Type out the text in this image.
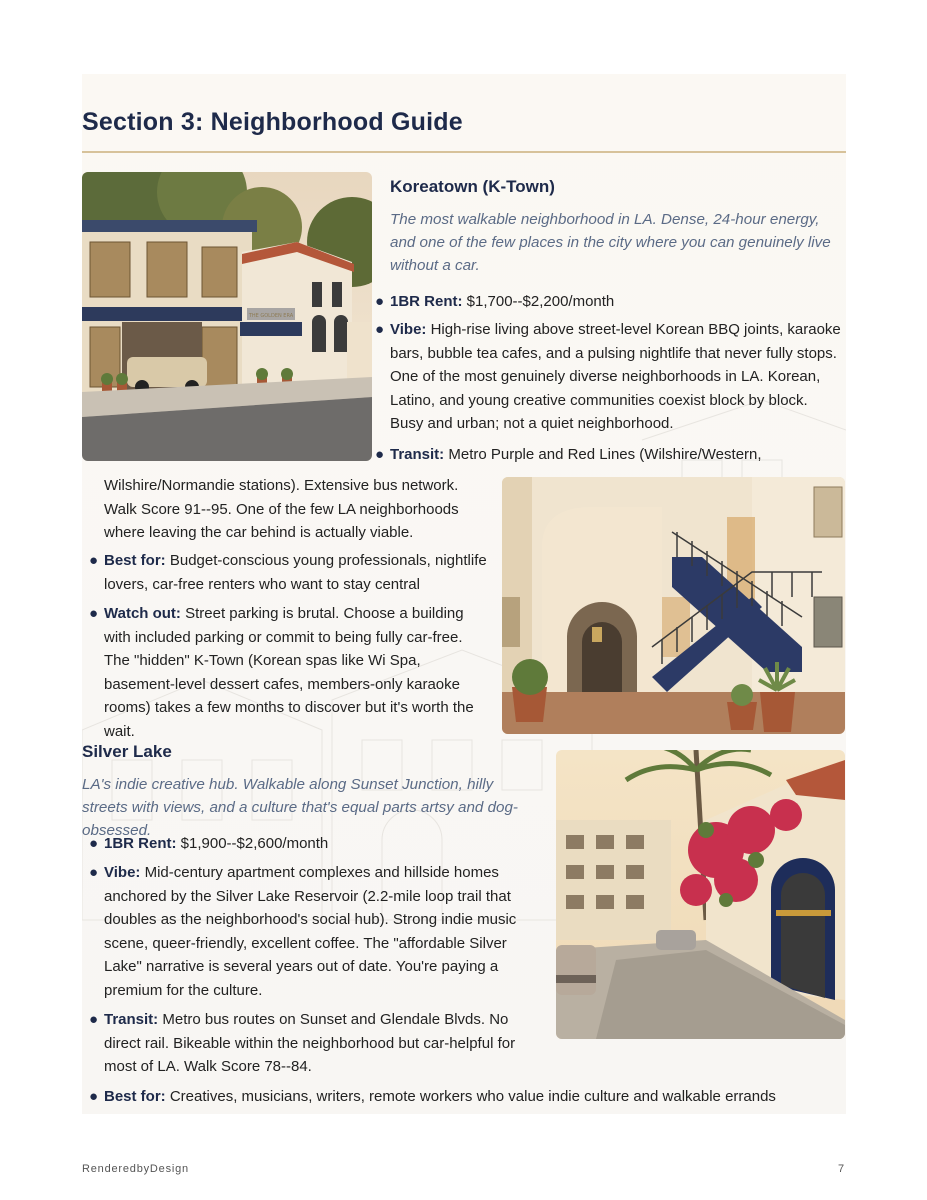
Section 3: Neighborhood Guide
THE GOLDEN ERA
Koreatown (K-Town)

The most walkable neighborhood in LA. Dense, 24-hour energy, and one of the few places in the city where you can genuinely live without a car.

● 1BR Rent: $1,700--$2,200/month
● Vibe: High-rise living above street-level Korean BBQ joints, karaoke bars, bubble tea cafes, and a pulsing nightlife that never fully stops. One of the most genuinely diverse neighborhoods in LA. Korean, Latino, and young creative communities coexist block by block. Busy and urban; not a quiet neighborhood.
● Transit: Metro Purple and Red Lines (Wilshire/Western,

Wilshire/Normandie stations). Extensive bus network. Walk Score 91--95. One of the few LA neighborhoods where leaving the car behind is actually viable.

● Best for: Budget-conscious young professionals, nightlife lovers, car-free renters who want to stay central
● Watch out: Street parking is brutal. Choose a building with included parking or commit to being fully car-free. The "hidden" K-Town (Korean spas like Wi Spa, basement-level dessert cafes, members-only karaoke rooms) takes a few months to discover but it's worth the wait.
Silver Lake

LA's indie creative hub. Walkable along Sunset Junction, hilly streets with views, and a culture that's equal parts artsy and dog-obsessed.

● 1BR Rent: $1,900--$2,600/month
● Vibe: Mid-century apartment complexes and hillside homes anchored by the Silver Lake Reservoir (2.2-mile loop trail that doubles as the neighborhood's social hub). Strong indie music scene, queer-friendly, excellent coffee. The "affordable Silver Lake" narrative is several years out of date. You're paying a premium for the culture.
● Transit: Metro bus routes on Sunset and Glendale Blvds. No direct rail. Bikeable within the neighborhood but car-helpful for most of LA. Walk Score 78--84.
● Best for: Creatives, musicians, writers, remote workers who value indie culture and walkable errands
RenderedbyDesign	7
